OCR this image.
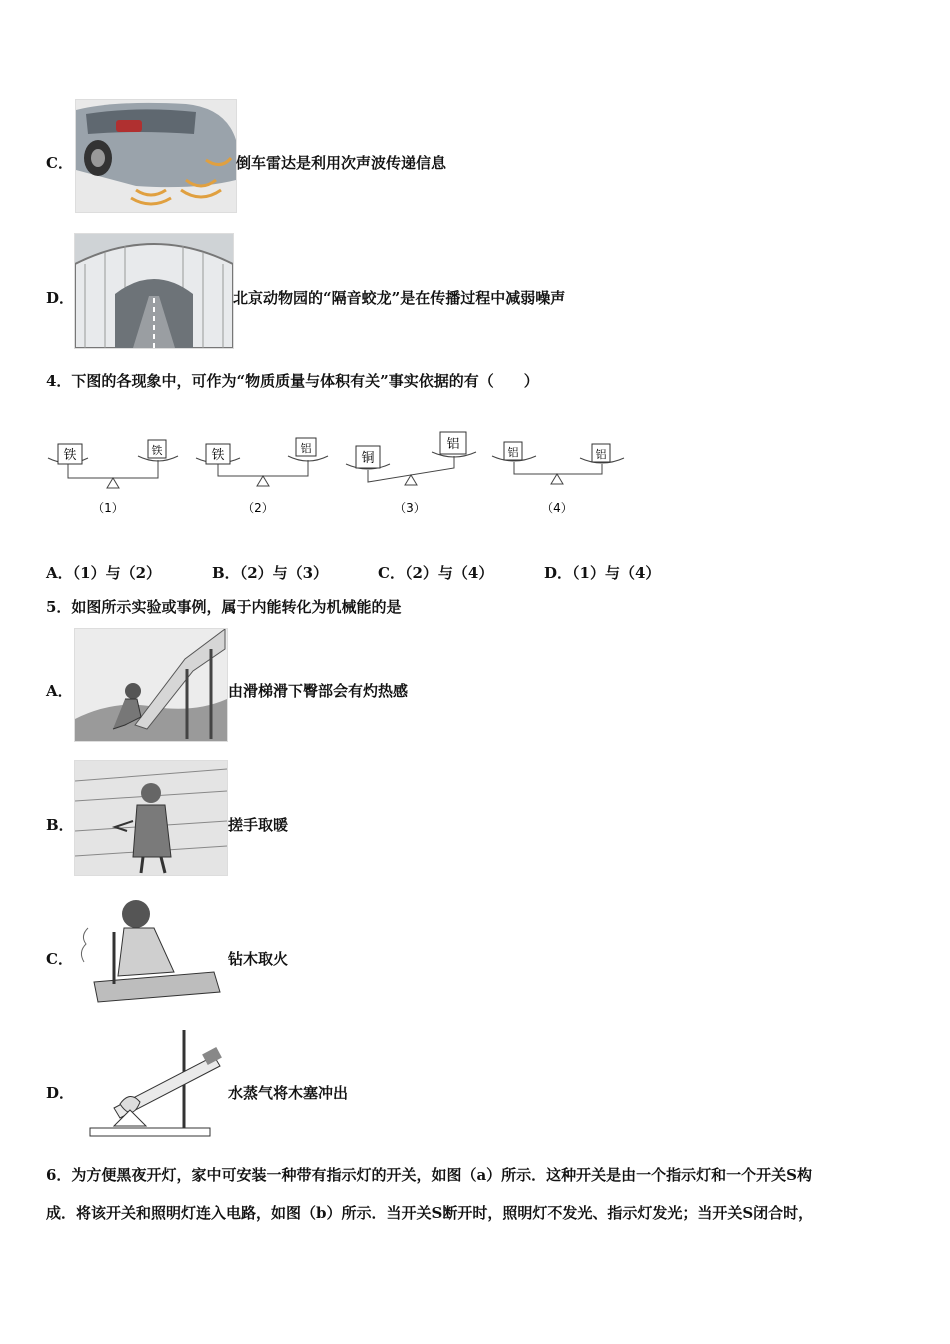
C．	倒车雷达是利用次声波传递信息
D．	北京动物园的“隔音蛟龙”是在传播过程中减弱噪声
4．下图的各现象中，可作为“物质质量与体积有关”事实依据的有（　　）
铁	铁
（1）
铁	铝
（2）
铜
铝
（3）
铝	铝
（4）
A．（1）与（2）	B．（2）与（3）	C．（2）与（4）	D．（1）与（4）
5．如图所示实验或事例，属于内能转化为机械能的是
A．	由滑梯滑下臀部会有灼热感
B．	搓手取暖
C．	钻木取火
D．	水蒸气将木塞冲出
6．为方便黑夜开灯，家中可安装一种带有指示灯的开关，如图（a）所示．这种开关是由一个指示灯和一个开关S构
成．将该开关和照明灯连入电路，如图（b）所示．当开关S断开时，照明灯不发光、指示灯发光；当开关S闭合时，
